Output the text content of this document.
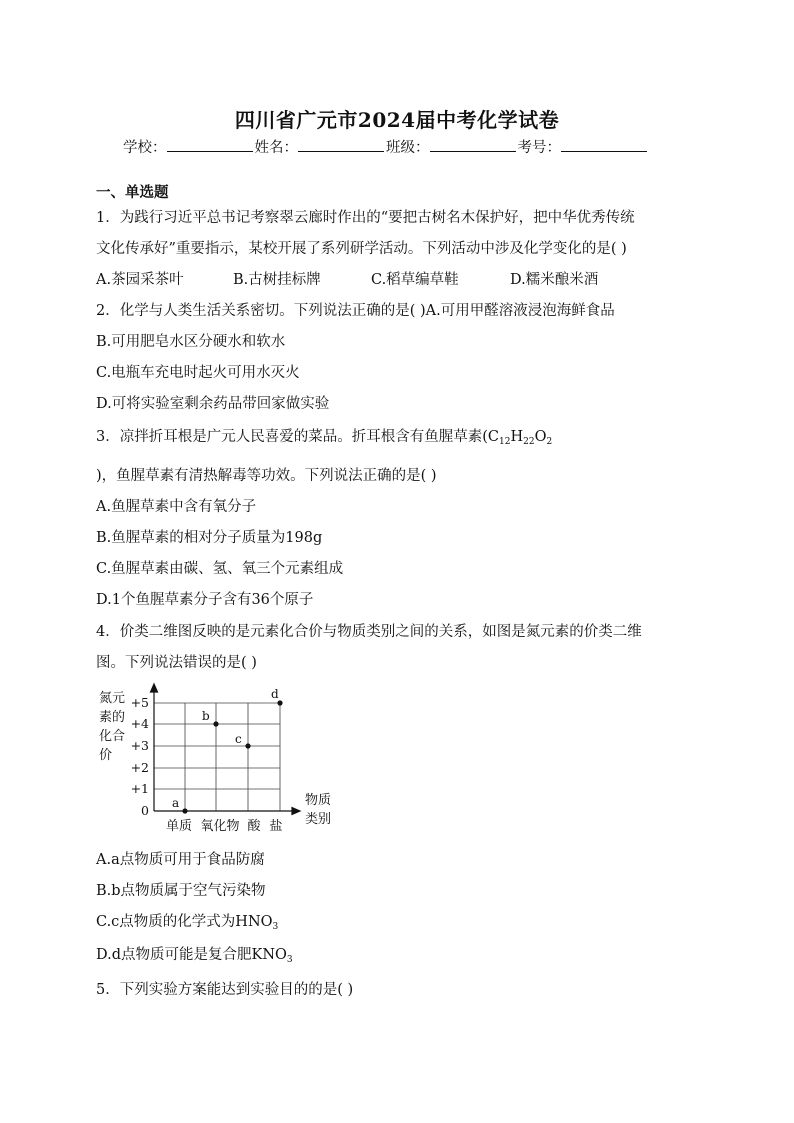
四川省广元市2024届中考化学试卷
学校：	姓名：	班级：	考号：
一、单选题
1．为践行习近平总书记考察翠云廊时作出的“要把古树名木保护好，把中华优秀传统
文化传承好”重要指示，某校开展了系列研学活动。下列活动中涉及化学变化的是( )
A.茶园采茶叶	B.古树挂标牌	C.稻草编草鞋	D.糯米酿米酒
2．化学与人类生活关系密切。下列说法正确的是( )A.可用甲醛溶液浸泡海鲜食品
B.可用肥皂水区分硬水和软水
C.电瓶车充电时起火可用水灭火
D.可将实验室剩余药品带回家做实验
3．凉拌折耳根是广元人民喜爱的菜品。折耳根含有鱼腥草素($C_{12}H_{22}O_2$
)，鱼腥草素有清热解毒等功效。下列说法正确的是( )
A.鱼腥草素中含有氧分子
B.鱼腥草素的相对分子质量为198g
C.鱼腥草素由碳、氢、氧三个元素组成
D.1个鱼腥草素分子含有36个原子
4．价类二维图反映的是元素化合价与物质类别之间的关系，如图是氮元素的价类二维
图。下列说法错误的是( )
氮元
素的
化合
价
0
+1
+2
+3
+4
+5
单质 氧化物 酸 盐
物质
类别
a
b
c
d
A.a点物质可用于食品防腐
B.b点物质属于空气污染物
C.c点物质的化学式为$HNO_3$
D.d点物质可能是复合肥$KNO_3$
5．下列实验方案能达到实验目的的是( )
